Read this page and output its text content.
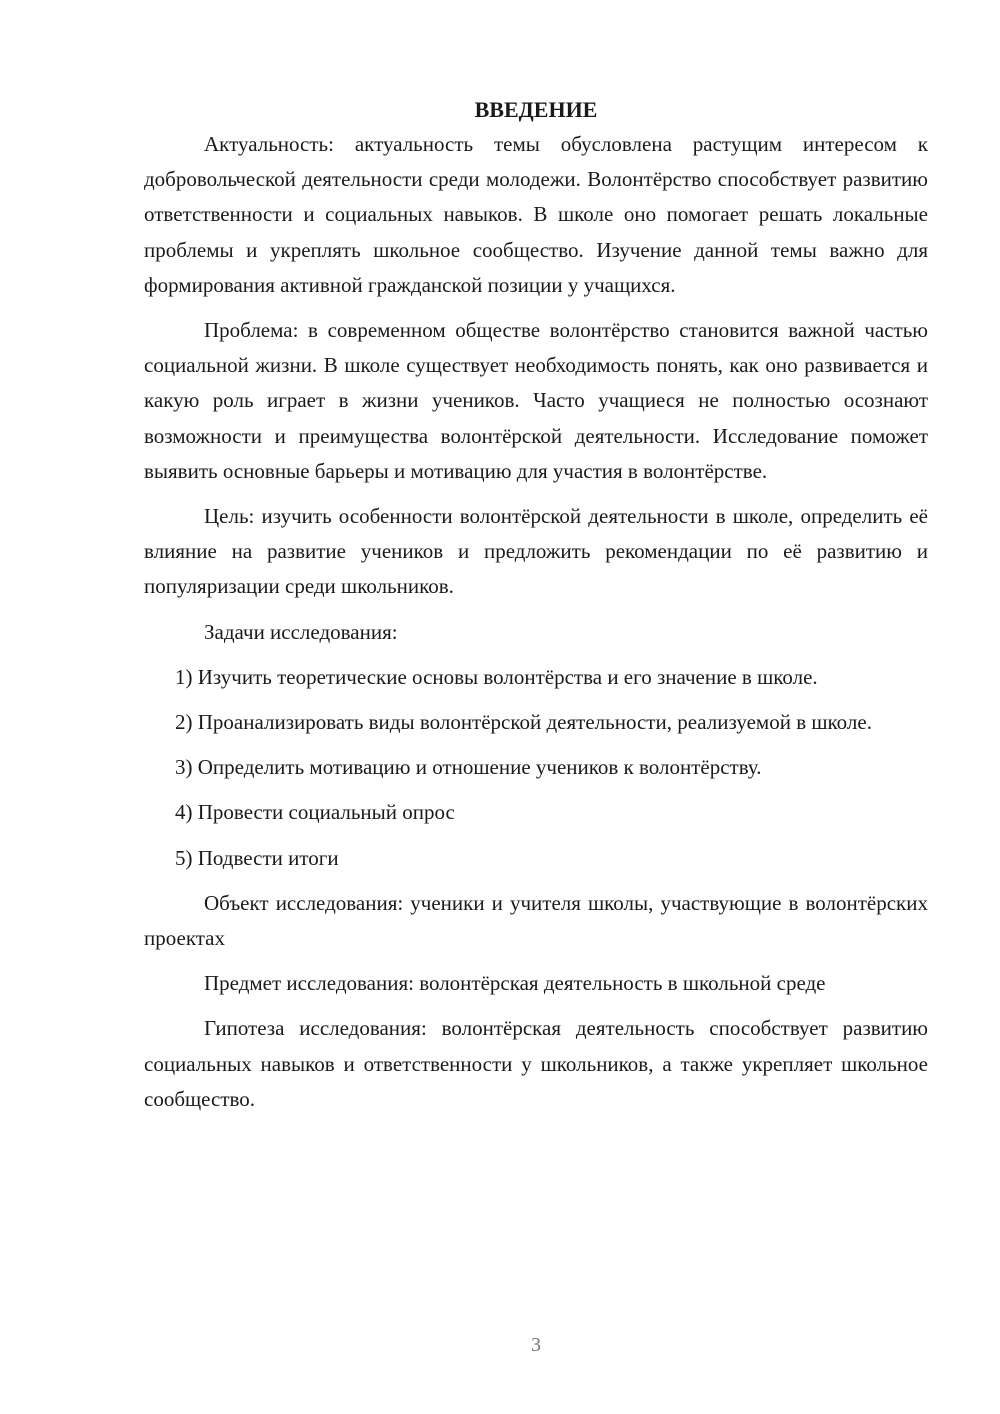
ВВЕДЕНИЕ

Актуальность: актуальность темы обусловлена растущим интересом к добровольческой деятельности среди молодежи. Волонтёрство способствует развитию ответственности и социальных навыков. В школе оно помогает решать локальные проблемы и укреплять школьное сообщество. Изучение данной темы важно для формирования активной гражданской позиции у учащихся.

Проблема: в современном обществе волонтёрство становится важной частью социальной жизни. В школе существует необходимость понять, как оно развивается и какую роль играет в жизни учеников. Часто учащиеся не полностью осознают возможности и преимущества волонтёрской деятельности. Исследование поможет выявить основные барьеры и мотивацию для участия в волонтёрстве.

Цель: изучить особенности волонтёрской деятельности в школе, определить её влияние на развитие учеников и предложить рекомендации по её развитию и популяризации среди школьников.

Задачи исследования:

1) Изучить теоретические основы волонтёрства и его значение в школе.

2) Проанализировать виды волонтёрской деятельности, реализуемой в школе.

3) Определить мотивацию и отношение учеников к волонтёрству.

4) Провести социальный опрос

5) Подвести итоги

Объект исследования: ученики и учителя школы, участвующие в волонтёрских проектах

Предмет исследования: волонтёрская деятельность в школьной среде

Гипотеза исследования: волонтёрская деятельность способствует развитию социальных навыков и ответственности у школьников, а также укрепляет школьное сообщество.

3
